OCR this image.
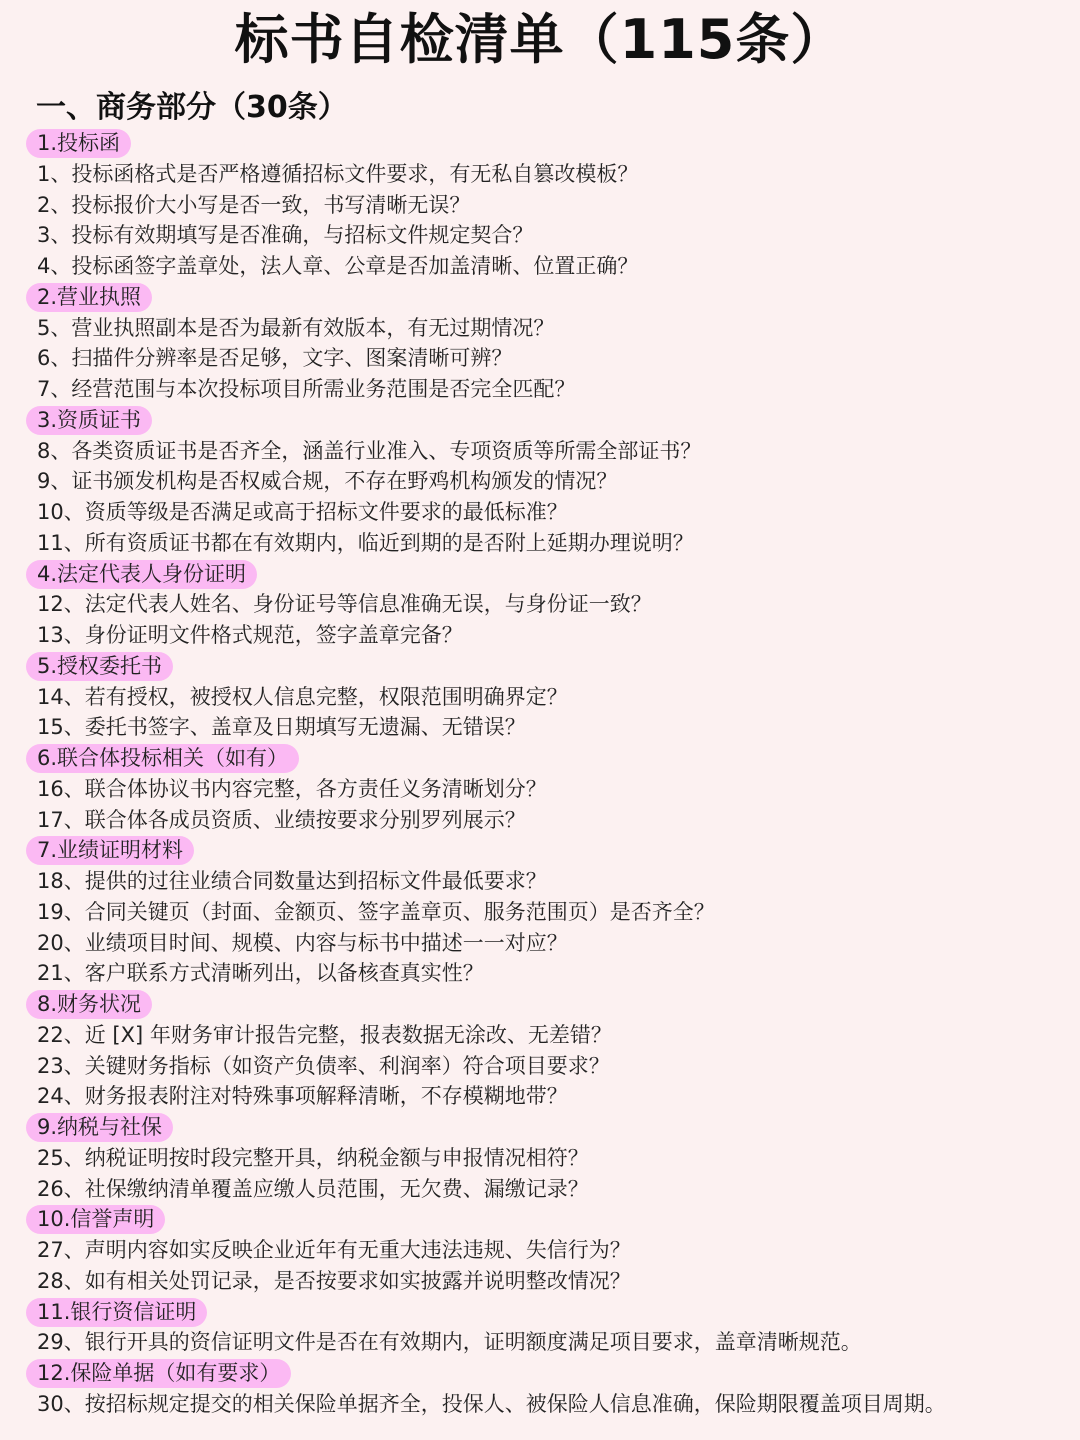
标书自检清单（115条）
一、商务部分（30条）
1.投标函
1、投标函格式是否严格遵循招标文件要求，有无私自篡改模板？
2、投标报价大小写是否一致，书写清晰无误？
3、投标有效期填写是否准确，与招标文件规定契合？
4、投标函签字盖章处，法人章、公章是否加盖清晰、位置正确？
2.营业执照
5、营业执照副本是否为最新有效版本，有无过期情况？
6、扫描件分辨率是否足够，文字、图案清晰可辨？
7、经营范围与本次投标项目所需业务范围是否完全匹配？
3.资质证书
8、各类资质证书是否齐全，涵盖行业准入、专项资质等所需全部证书？
9、证书颁发机构是否权威合规，不存在野鸡机构颁发的情况？
10、资质等级是否满足或高于招标文件要求的最低标准？
11、所有资质证书都在有效期内，临近到期的是否附上延期办理说明？
4.法定代表人身份证明
12、法定代表人姓名、身份证号等信息准确无误，与身份证一致？
13、身份证明文件格式规范，签字盖章完备？
5.授权委托书
14、若有授权，被授权人信息完整，权限范围明确界定？
15、委托书签字、盖章及日期填写无遗漏、无错误？
6.联合体投标相关（如有）
16、联合体协议书内容完整，各方责任义务清晰划分？
17、联合体各成员资质、业绩按要求分别罗列展示？
7.业绩证明材料
18、提供的过往业绩合同数量达到招标文件最低要求？
19、合同关键页（封面、金额页、签字盖章页、服务范围页）是否齐全？
20、业绩项目时间、规模、内容与标书中描述一一对应？
21、客户联系方式清晰列出，以备核查真实性？
8.财务状况
22、近 [X] 年财务审计报告完整，报表数据无涂改、无差错？
23、关键财务指标（如资产负债率、利润率）符合项目要求？
24、财务报表附注对特殊事项解释清晰，不存模糊地带？
9.纳税与社保
25、纳税证明按时段完整开具，纳税金额与申报情况相符？
26、社保缴纳清单覆盖应缴人员范围，无欠费、漏缴记录？
10.信誉声明
27、声明内容如实反映企业近年有无重大违法违规、失信行为？
28、如有相关处罚记录，是否按要求如实披露并说明整改情况？
11.银行资信证明
29、银行开具的资信证明文件是否在有效期内，证明额度满足项目要求，盖章清晰规范。
12.保险单据（如有要求）
30、按招标规定提交的相关保险单据齐全，投保人、被保险人信息准确，保险期限覆盖项目周期。
